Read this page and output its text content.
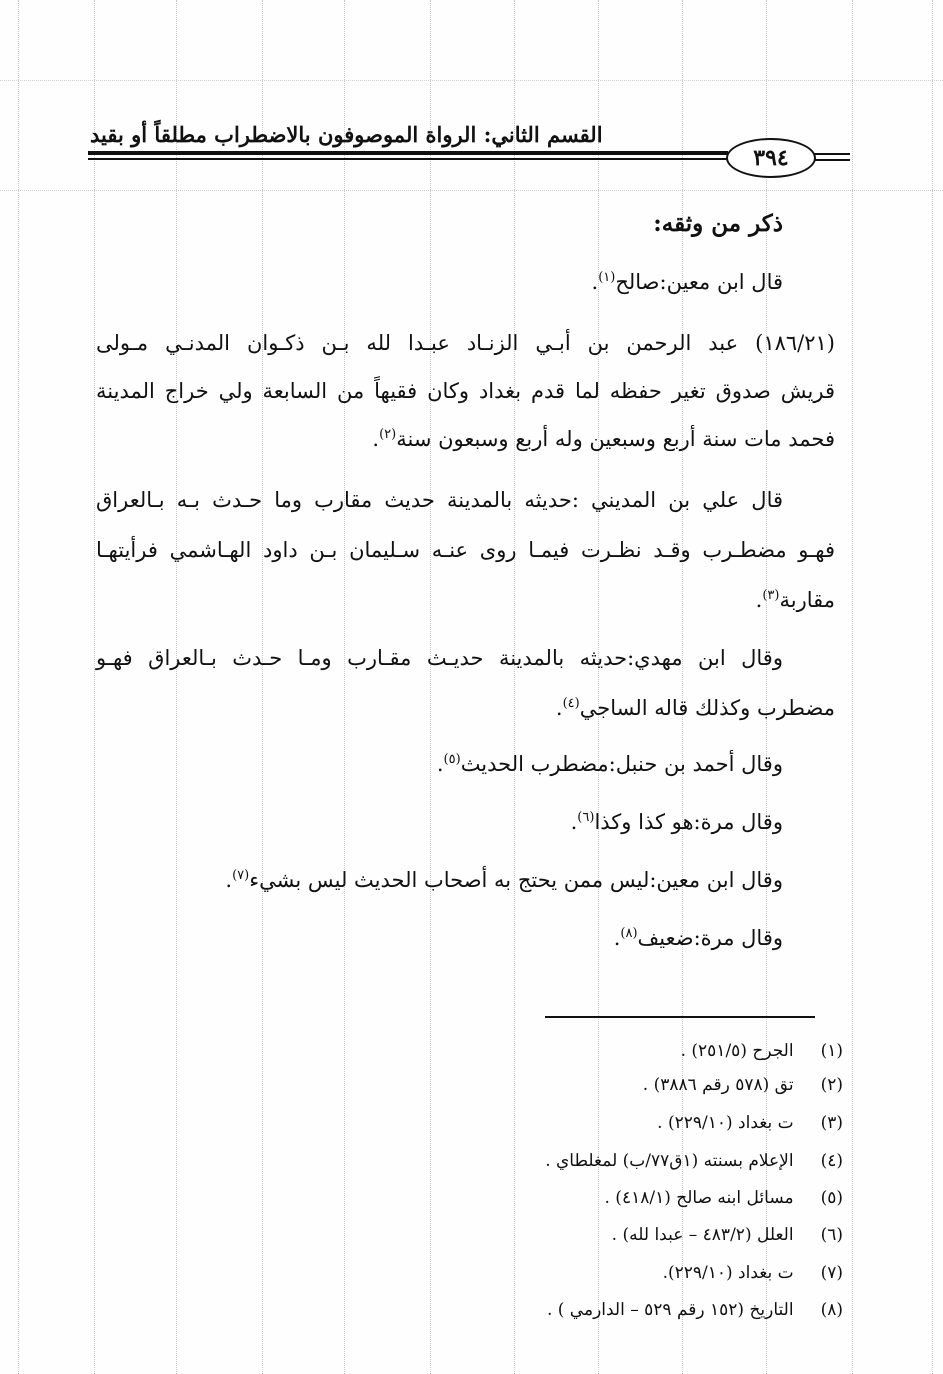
القسم الثاني: الرواة الموصوفون بالاضطراب مطلقاً أو بقيد
٣٩٤
ذكر من وثقه:
قال ابن معين:صالح$^{(١)}$.
(١٨٦/٢١) عبد الرحمن بن أبـي الزنـاد عبـدا لله بـن ذكـوان المدنـي مـولى
قريش صدوق تغير حفظه لما قدم بغداد وكان فقيهاً من السابعة ولي خراج المدينة
فحمد مات سنة أربع وسبعين وله أربع وسبعون سنة$^{(٢)}$.
قال علي بن المديني :حديثه بالمدينة حديث مقارب وما حـدث بـه بـالعراق
فهـو مضطـرب وقـد نظـرت فيمـا روى عنـه سـليمان بـن داود الهـاشمي فرأيتهـا
مقاربة$^{(٣)}$.
وقال ابن مهدي:حديثه بالمدينة حديـث مقـارب ومـا حـدث بـالعراق فهـو
مضطرب وكذلك قاله الساجي$^{(٤)}$.
وقال أحمد بن حنبل:مضطرب الحديث$^{(٥)}$.
وقال مرة:هو كذا وكذا$^{(٦)}$.
وقال ابن معين:ليس ممن يحتج به أصحاب الحديث ليس بشيء$^{(٧)}$.
وقال مرة:ضعيف$^{(٨)}$.
(١) الجرح (٢٥١/٥) .
(٢) تق (٥٧٨ رقم ٣٨٨٦) .
(٣) ت بغداد (٢٢٩/١٠) .
(٤) الإعلام بسنته (١ق٧٧/ب) لمغلطاي .
(٥) مسائل ابنه صالح (٤١٨/١) .
(٦) العلل (٤٨٣/٢ – عبدا لله) .
(٧) ت بغداد (٢٢٩/١٠).
(٨) التاريخ (١٥٢ رقم ٥٢٩ – الدارمي ) .
